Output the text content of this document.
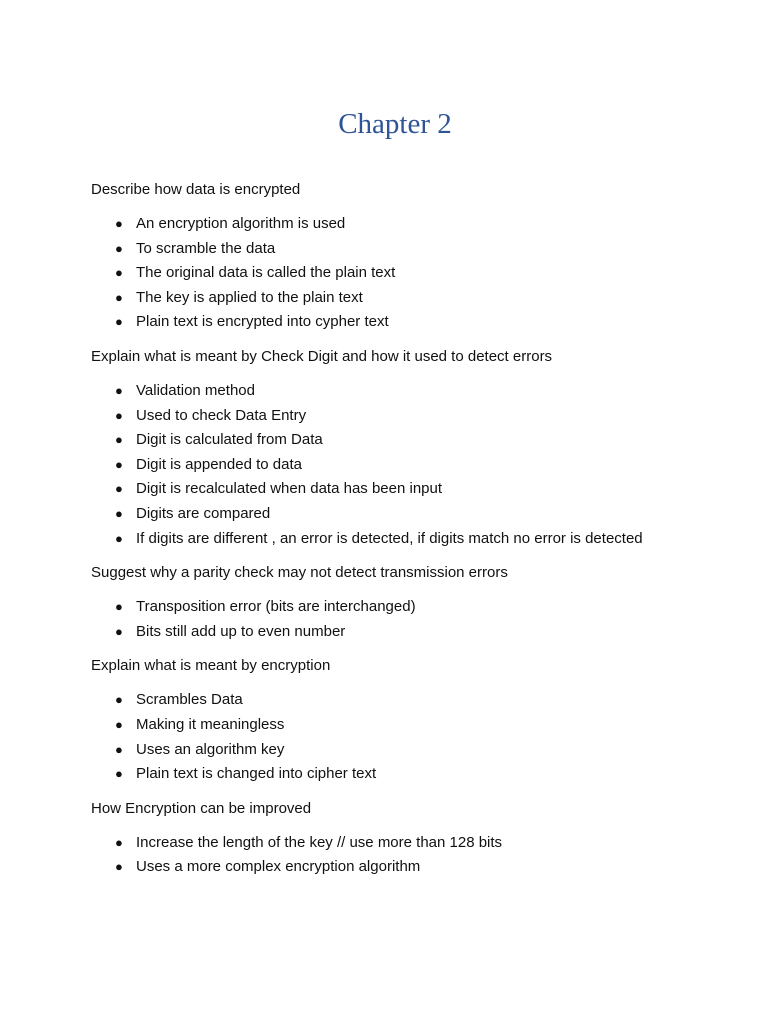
Chapter 2

Describe how data is encrypted

● An encryption algorithm is used
● To scramble the data
● The original data is called the plain text
● The key is applied to the plain text
● Plain text is encrypted into cypher text

Explain what is meant by Check Digit and how it used to detect errors

● Validation method
● Used to check Data Entry
● Digit is calculated from Data
● Digit is appended to data
● Digit is recalculated when data has been input
● Digits are compared
● If digits are different , an error is detected, if digits match no error is detected

Suggest why a parity check may not detect transmission errors

● Transposition error (bits are interchanged)
● Bits still add up to even number

Explain what is meant by encryption

● Scrambles Data
● Making it meaningless
● Uses an algorithm key
● Plain text is changed into cipher text

How Encryption can be improved

● Increase the length of the key // use more than 128 bits
● Uses a more complex encryption algorithm
